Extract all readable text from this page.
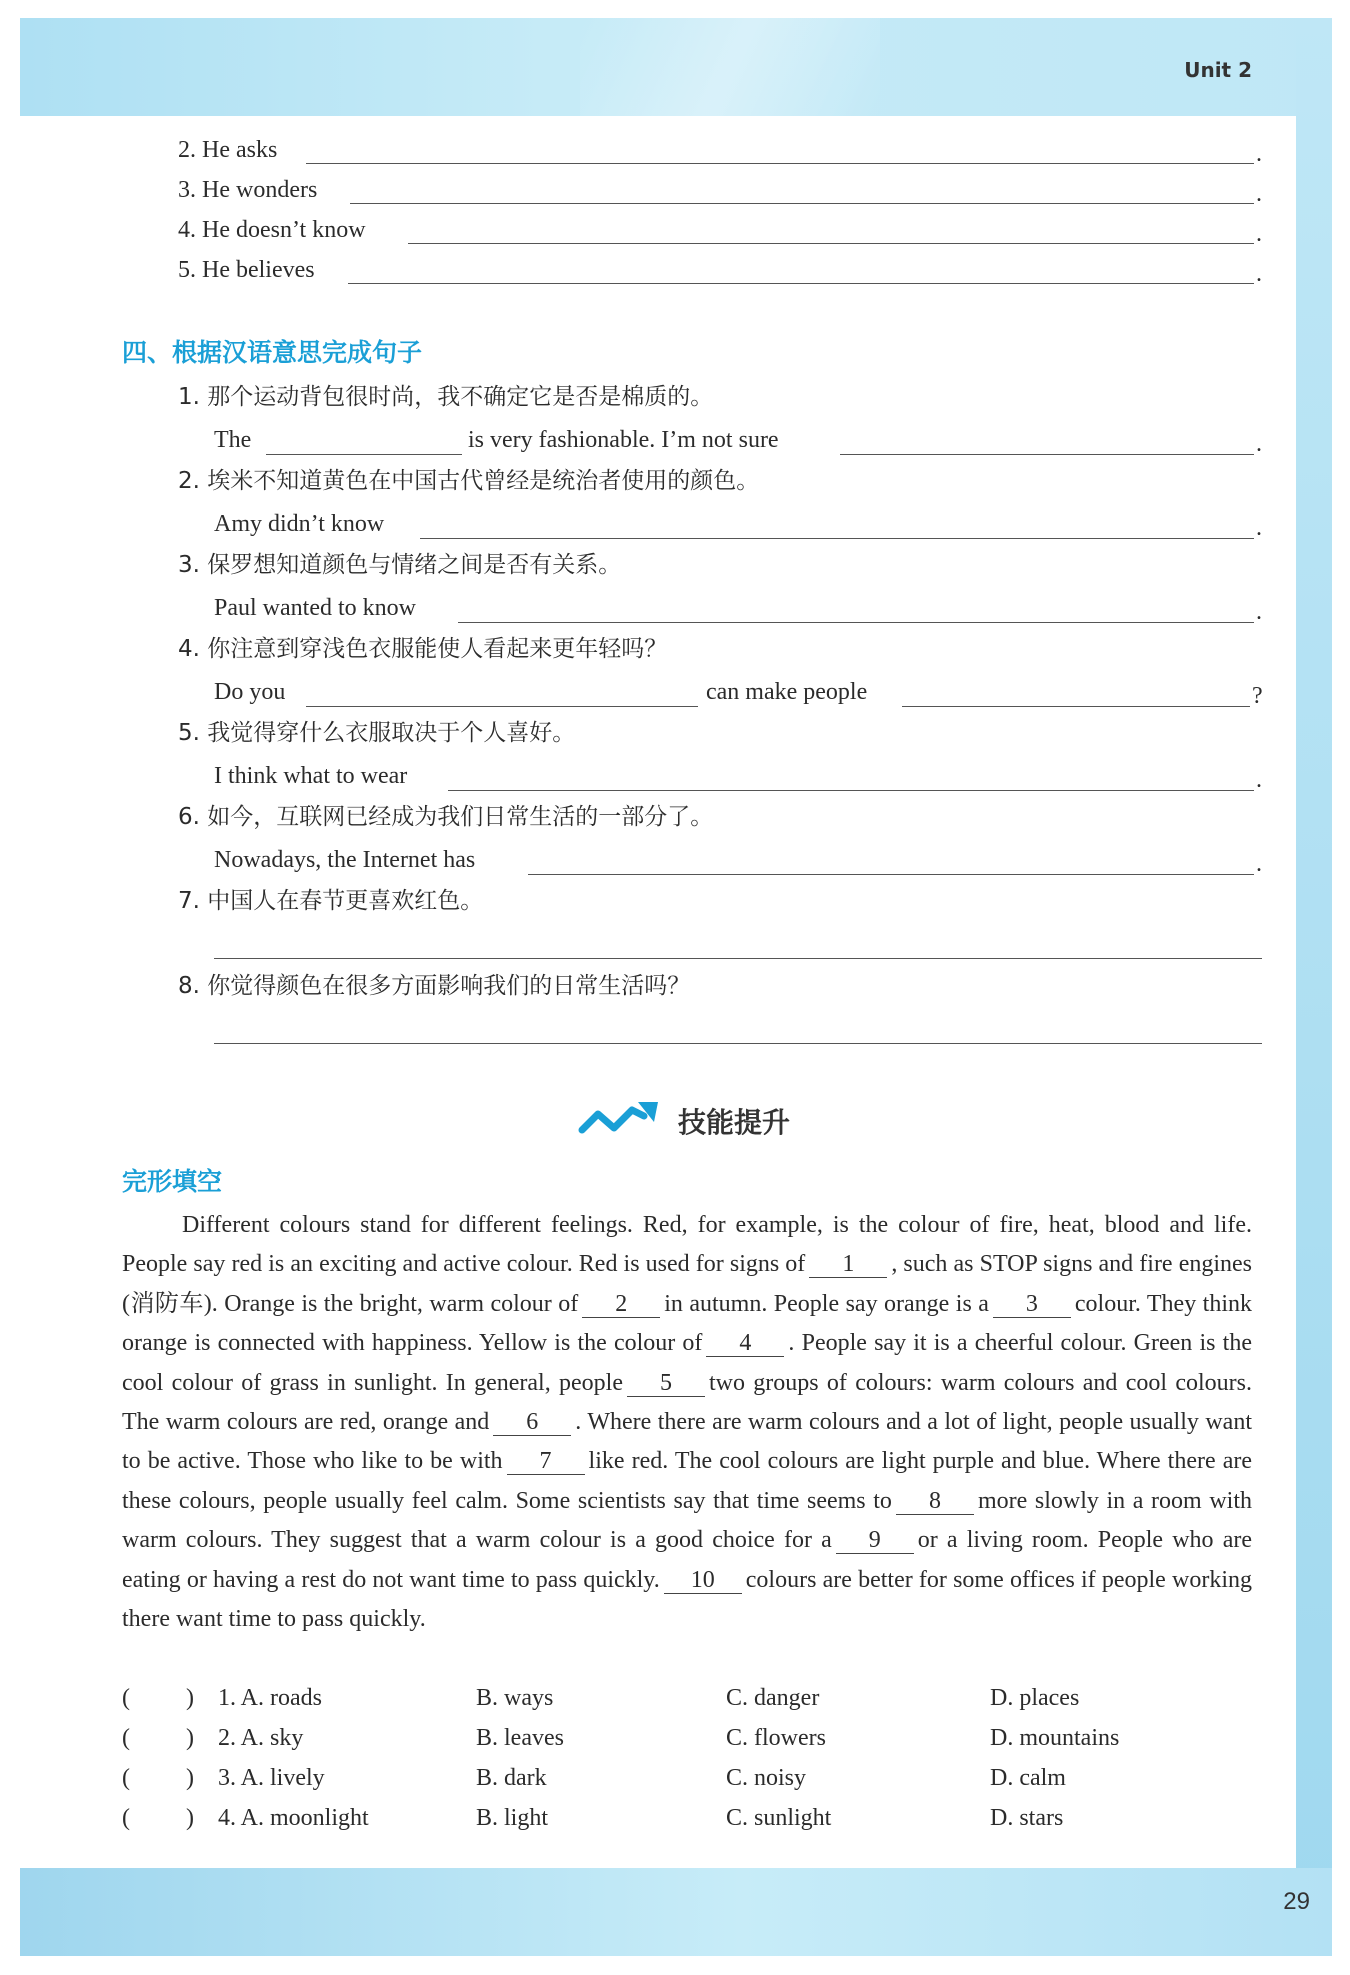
Unit 2
29
2. He asks	.
3. He wonders	.
4. He doesn’t know	.
5. He believes	.
四、根据汉语意思完成句子
1. 那个运动背包很时尚，我不确定它是否是棉质的。
The	is very fashionable. I’m not sure	.
2. 埃米不知道黄色在中国古代曾经是统治者使用的颜色。
Amy didn’t know	.
3. 保罗想知道颜色与情绪之间是否有关系。
Paul wanted to know	.
4. 你注意到穿浅色衣服能使人看起来更年轻吗？
Do you	can make people	?
5. 我觉得穿什么衣服取决于个人喜好。
I think what to wear	.
6. 如今，互联网已经成为我们日常生活的一部分了。
Nowadays, the Internet has	.
7. 中国人在春节更喜欢红色。
8. 你觉得颜色在很多方面影响我们的日常生活吗？
技能提升
完形填空
Different colours stand for different feelings. Red, for example, is the colour of fire, heat, blood and life. People say red is an exciting and active colour. Red is used for signs of 1 , such as STOP signs and fire engines (消防车). Orange is the bright, warm colour of 2 in autumn. People say orange is a 3 colour. They think orange is connected with happiness. Yellow is the colour of 4 . People say it is a cheerful colour. Green is the cool colour of grass in sunlight. In general, people 5 two groups of colours: warm colours and cool colours. The warm colours are red, orange and 6 . Where there are warm colours and a lot of light, people usually want to be active. Those who like to be with 7 like red. The cool colours are light purple and blue. Where there are these colours, people usually feel calm. Some scientists say that time seems to 8 more slowly in a room with warm colours. They suggest that a warm colour is a good choice for a 9 or a living room. People who are eating or having a rest do not want time to pass quickly. 10 colours are better for some offices if people working there want time to pass quickly.
( ) 1. A. roads	B. ways	C. danger	D. places
( ) 2. A. sky	B. leaves	C. flowers	D. mountains
( ) 3. A. lively	B. dark	C. noisy	D. calm
( ) 4. A. moonlight	B. light	C. sunlight	D. stars
